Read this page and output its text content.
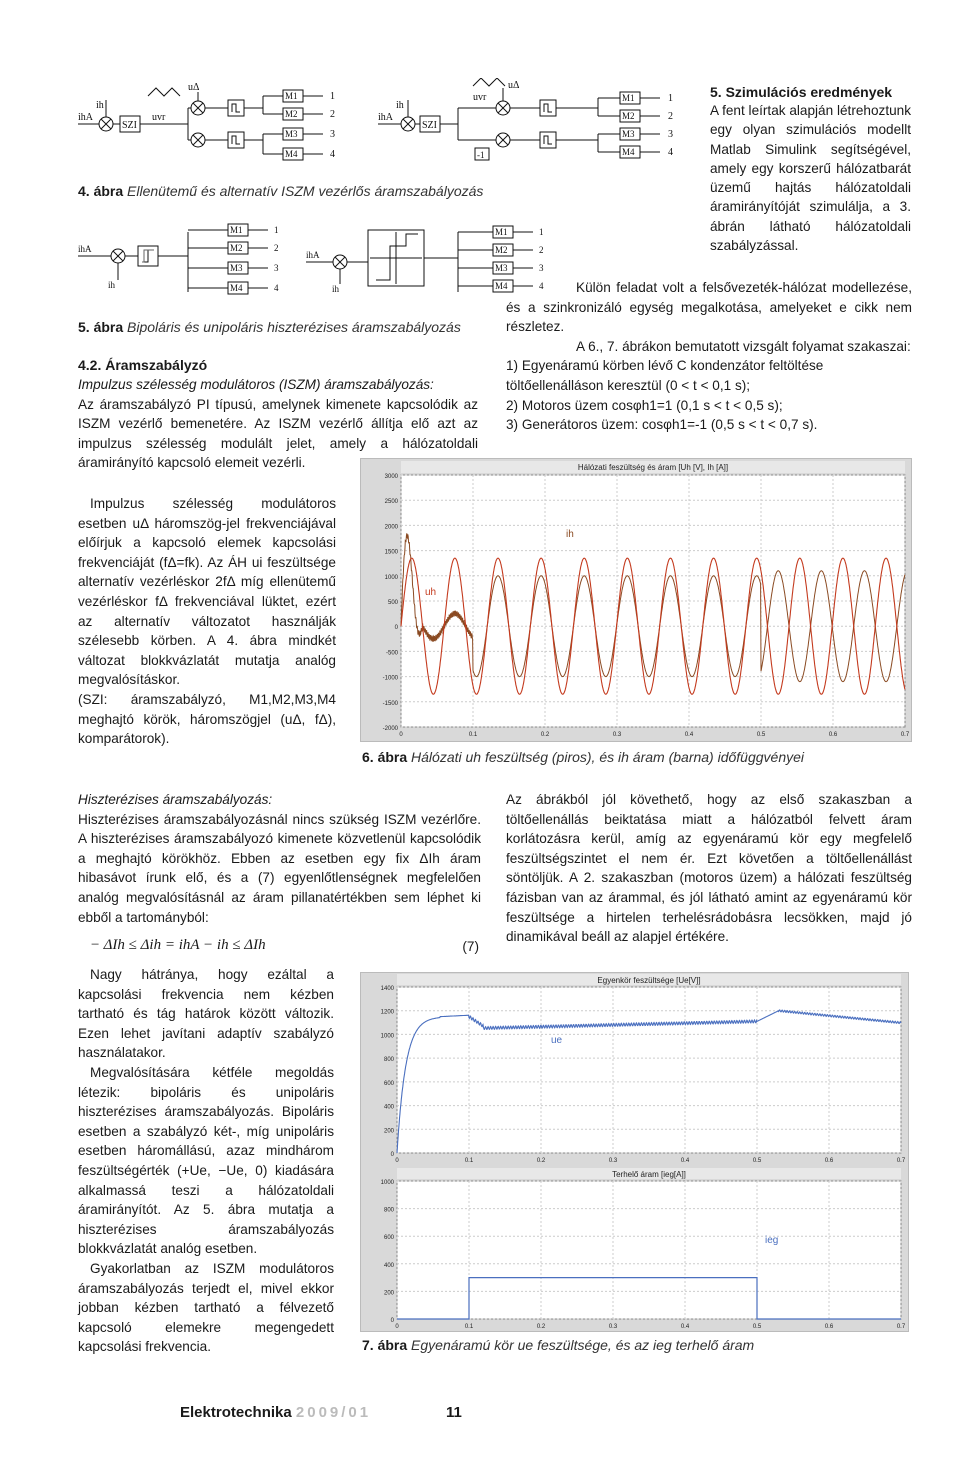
ihA
ih
SZI
uvr
uΔ
M1
M2
M3
M4
1
2
3
4
ihA
ih
SZI
-1
uvr
uΔ
M1
M2
M3
M4
1
2
3
4
4. ábra Ellenütemű és alternatív ISZM vezérlős áramszabályozás
ihA
ih
M1
M2
M3
M4
1
2
3
4
ihA
ih
M1
M2
M3
M4
1
2
3
4
5. ábra Bipoláris és unipoláris hiszterézises áramszabályozás
4.2. Áramszabályzó

Impulzus szélesség modulátoros (ISZM) áramszabályozás:

Az áramszabályzó PI típusú, amelynek kimenete kapcsolódik az ISZM vezérlő bemenetére. Az ISZM vezérlő állítja elő azt az impulzus szélesség modulált jelet, amely a hálózatoldali áramirányító kapcsoló elemeit vezérli.

Impulzus szélesség modulátoros esetben uΔ háromszög-jel frekvenciájával előírjuk a kapcsoló elemek kapcsolási frekvenciáját (fΔ=fk). Az ÁH ui feszültsége alternatív vezérléskor 2fΔ míg ellenütemű vezérléskor fΔ frekvenciával lüktet, ezért az alternatív változatot használják szélesebb körben. A 4. ábra mindkét változat blokkvázlatát mutatja analóg megvalósításkor.

(SZI: áramszabályzó, M1,M2,M3,M4 meghajtó körök, háromszögjel (uΔ, fΔ), komparátorok).

Hálózati feszültség és áram [Uh [V], Ih [A]]
3000
2500
2000
1500
1000
500
0
-500
-1000
-1500
-2000
0	0.1	0.2	0.3	0.4	0.5	0.6	0.7
ih
uh
6. ábra Hálózati uh feszültség (piros), és ih áram (barna) időfüggvényei
5. Szimulációs eredmények

A fent leírtak alapján létrehoztunk egy olyan szimulációs modellt Matlab Simulink segítségével, amely egy korszerű hálózatbarát üzemű hajtás hálózatoldali áramirányítóját szimulálja, a 3. ábrán látható hálózatoldali szabályzással.

Külön feladat volt a felsővezeték-hálózat modellezése, és a szinkronizáló egység megalkotása, amelyeket e cikk nem részletez.

A 6., 7. ábrákon bemutatott vizsgált folyamat szakaszai:

1) Egyenáramú körben lévő C kondenzátor feltöltése töltőellenálláson keresztül (0 < t < 0,1 s);

2) Motoros üzem cosφh1=1 (0,1 s < t < 0,5 s);

3) Generátoros üzem: cosφh1=-1 (0,5 s < t < 0,7 s).

Hiszterézises áramszabályozás:

Hiszterézises áramszabályozásnál nincs szükség ISZM vezérlőre. A hiszterézises áramszabályozó kimenete közvetlenül kapcsolódik a meghajtó körökhöz. Ebben az esetben egy fix ΔIh áram hibasávot írunk elő, és a (7) egyenlőtlenségnek megfelelően analóg megvalósításnál az áram pillanatértékben sem léphet ki ebből a tartományból:

− ΔIh ≤ Δih = ihA − ih ≤ ΔIh	(7)

Nagy hátránya, hogy ezáltal a kapcsolási frekvencia nem kézben tartható és tág határok között változik. Ezen lehet javítani adaptív szabályzó használatakor.

Megvalósítására kétféle megoldás létezik: bipoláris és unipoláris hiszterézises áramszabályozás. Bipoláris esetben a szabályzó két-, míg unipoláris esetben háromállású, azaz mindhárom feszültségérték (+Ue, −Ue, 0) kiadására alkalmassá teszi a hálózatoldali áramirányítót. Az 5. ábra mutatja a hiszterézises áramszabályozás blokkvázlatát analóg esetben.

Gyakorlatban az ISZM modulátoros áramszabályozás terjedt el, mivel ekkor jobban kézben tartható a félvezető kapcsoló elemekre megengedett kapcsolási frekvencia.

Az ábrákból jól követhető, hogy az első szakaszban a töltőellenállás beiktatása miatt a hálózatból felvett áram korlátozásra kerül, amíg az egyenáramú kör egy megfelelő feszültségszintet el nem ér. Ezt követően a töltőellenállást söntöljük. A 2. szakaszban (motoros üzem) a hálózati feszültség fázisban van az árammal, és jól látható amint az egyenáramú kör feszültsége a hirtelen terhelésrádobásra lecsökken, majd jó dinamikával beáll az alapjel értékére.

Egyenkör feszültsége [Ue[V]]
1400
1200
1000
800
600
400
200
0
0	0.1	0.2	0.3	0.4	0.5	0.6	0.7
Terhelő áram [ieg[A]]
1000
800
600
400
200
0
0	0.1	0.2	0.3	0.4	0.5	0.6	0.7
ue
ieg
7. ábra Egyenáramú kör ue feszültsége, és az ieg terhelő áram
Elektrotechnika 2009/01	11
